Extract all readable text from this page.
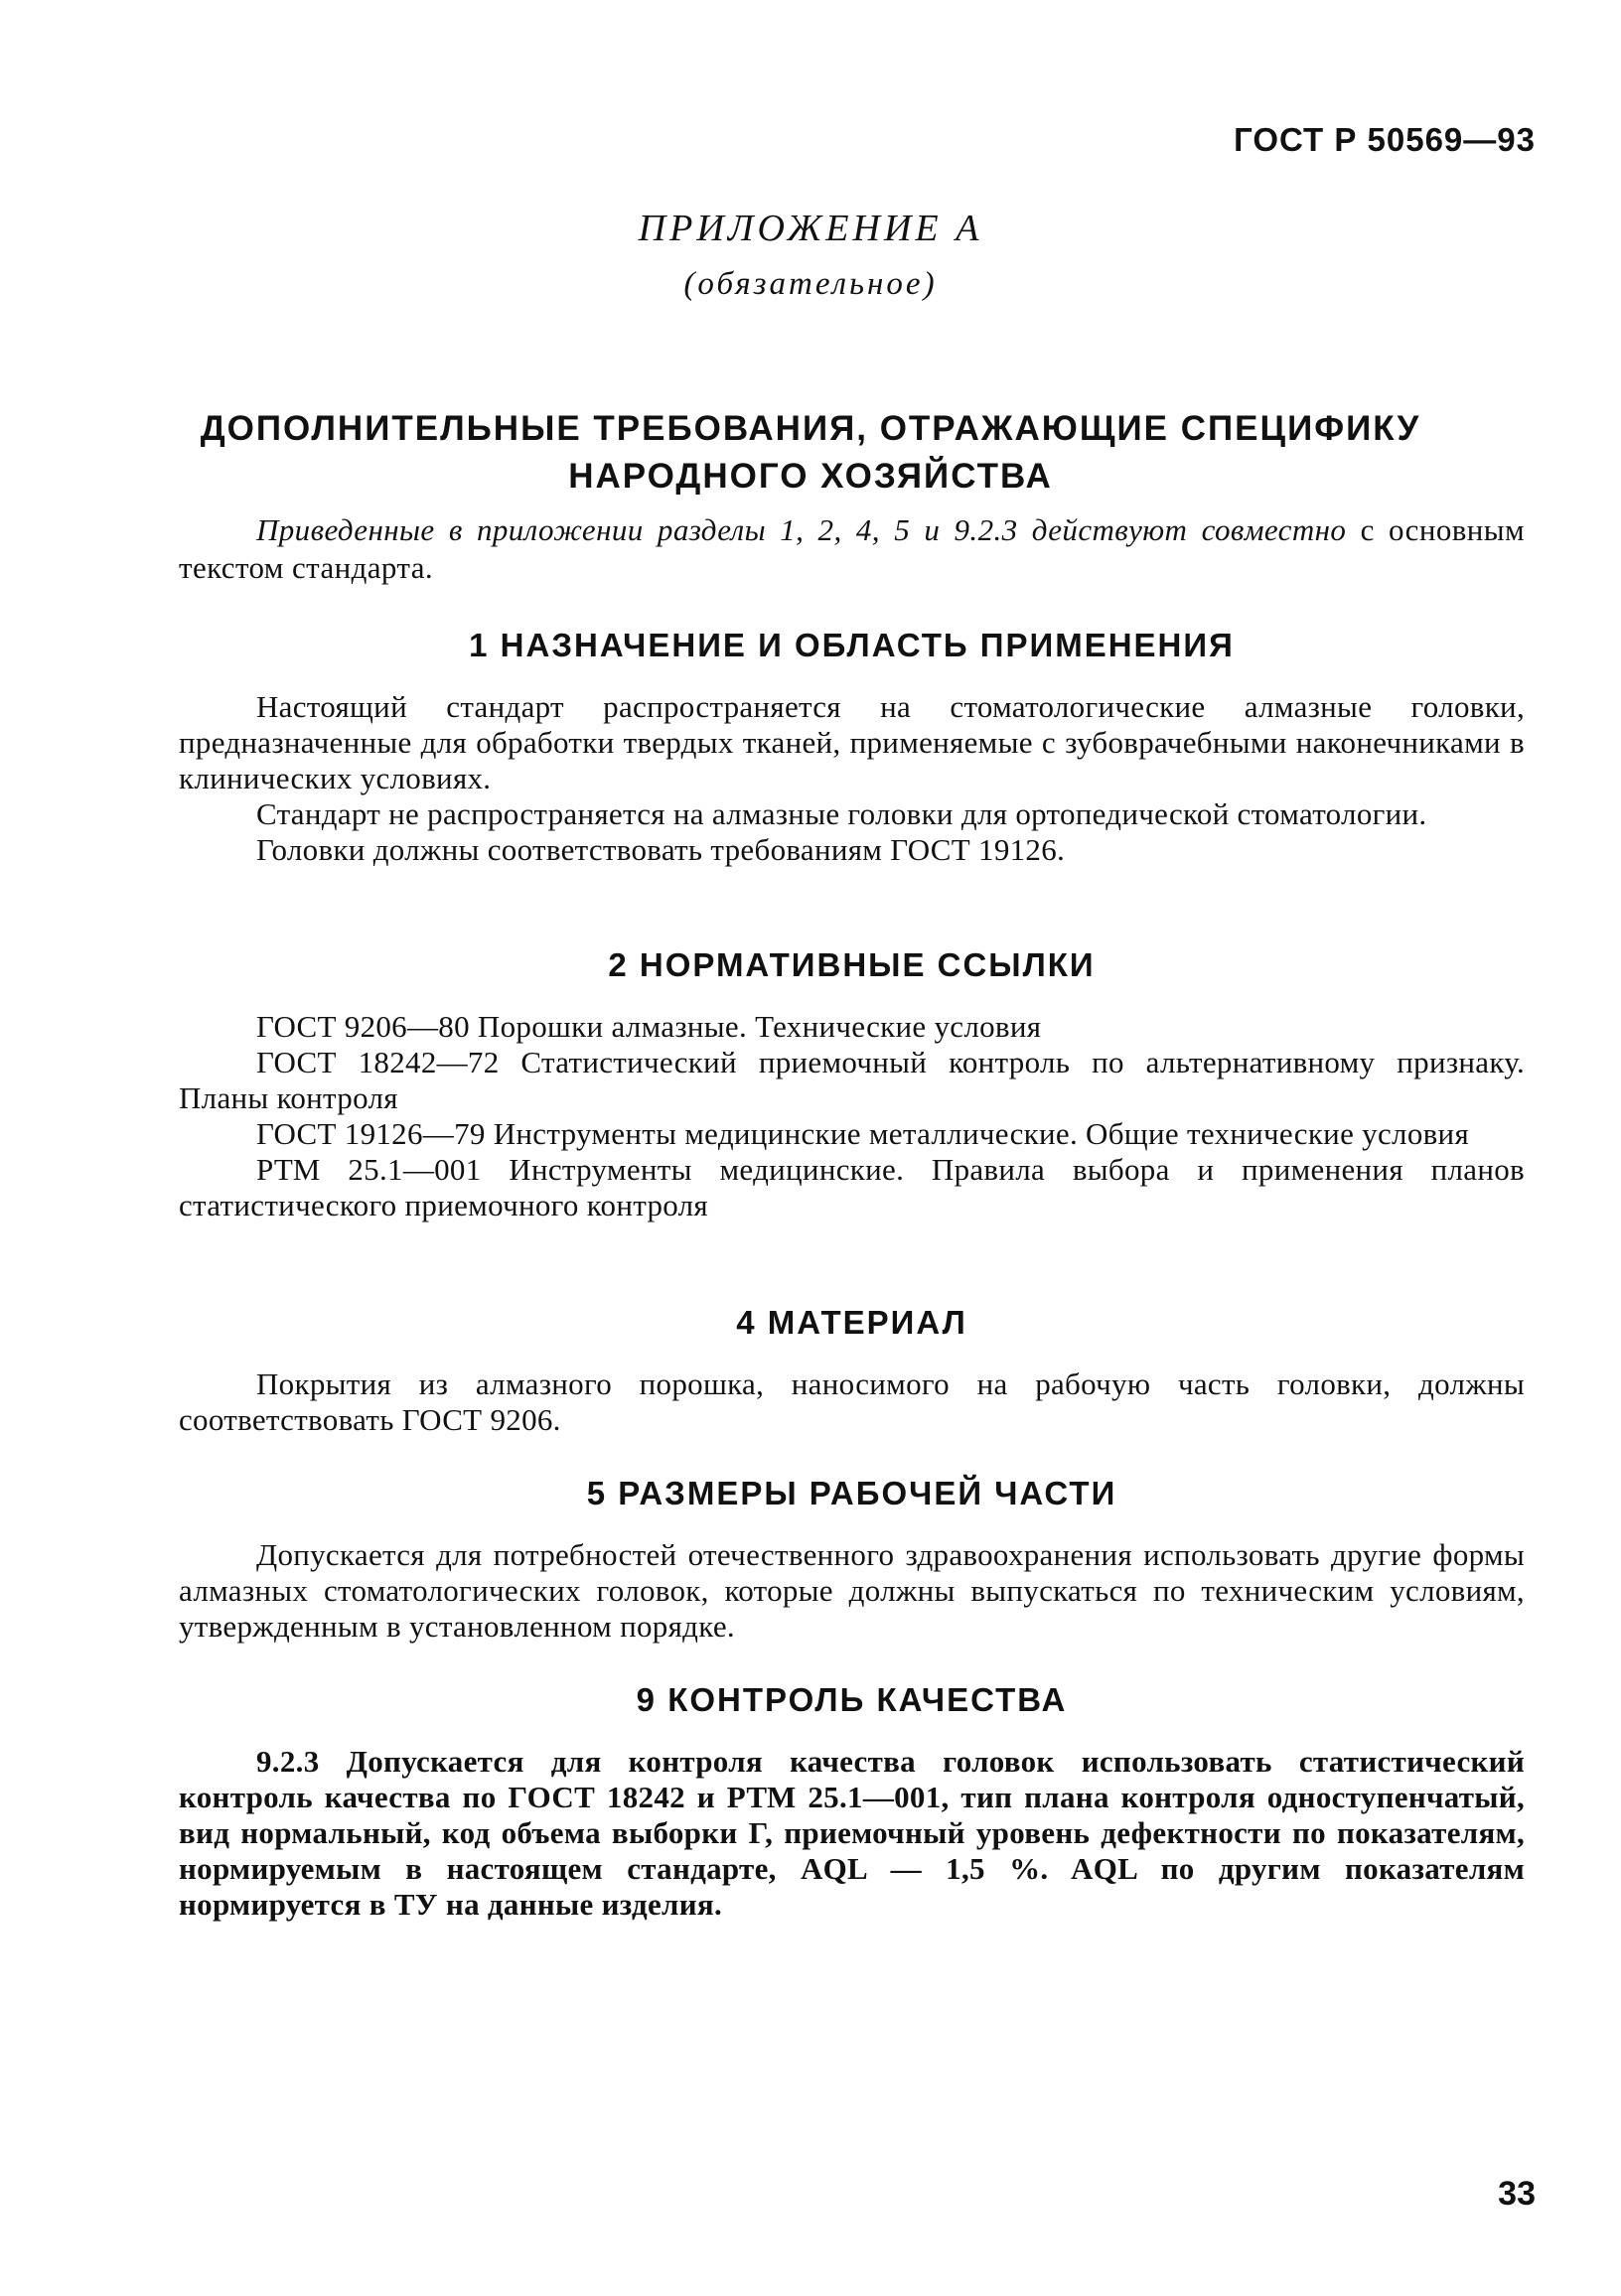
ГОСТ Р 50569—93
ПРИЛОЖЕНИЕ А
(обязательное)
ДОПОЛНИТЕЛЬНЫЕ ТРЕБОВАНИЯ, ОТРАЖАЮЩИЕ СПЕЦИФИКУ НАРОДНОГО ХОЗЯЙСТВА

Приведенные в приложении разделы 1, 2, 4, 5 и 9.2.3 действуют совместно с основным текстом стандарта.

1 НАЗНАЧЕНИЕ И ОБЛАСТЬ ПРИМЕНЕНИЯ

Настоящий стандарт распространяется на стоматологические алмазные головки, предназначенные для обработки твердых тканей, применяемые с зубоврачебными наконечниками в клинических условиях.

Стандарт не распространяется на алмазные головки для ортопедической стоматологии.

Головки должны соответствовать требованиям ГОСТ 19126.

2 НОРМАТИВНЫЕ ССЫЛКИ

ГОСТ 9206—80 Порошки алмазные. Технические условия

ГОСТ 18242—72 Статистический приемочный контроль по альтернативному признаку. Планы контроля

ГОСТ 19126—79 Инструменты медицинские металлические. Общие технические условия

РТМ 25.1—001 Инструменты медицинские. Правила выбора и применения планов статистического приемочного контроля

4 МАТЕРИАЛ

Покрытия из алмазного порошка, наносимого на рабочую часть головки, должны соответствовать ГОСТ 9206.

5 РАЗМЕРЫ РАБОЧЕЙ ЧАСТИ

Допускается для потребностей отечественного здравоохранения использовать другие формы алмазных стоматологических головок, которые должны выпускаться по техническим условиям, утвержденным в установленном порядке.

9 КОНТРОЛЬ КАЧЕСТВА

9.2.3 Допускается для контроля качества головок использовать статистический контроль качества по ГОСТ 18242 и РТМ 25.1—001, тип плана контроля одноступенчатый, вид нормальный, код объема выборки Г, приемочный уровень дефектности по показателям, нормируемым в настоящем стандарте, AQL — 1,5 %. AQL по другим показателям нормируется в ТУ на данные изделия.

33
